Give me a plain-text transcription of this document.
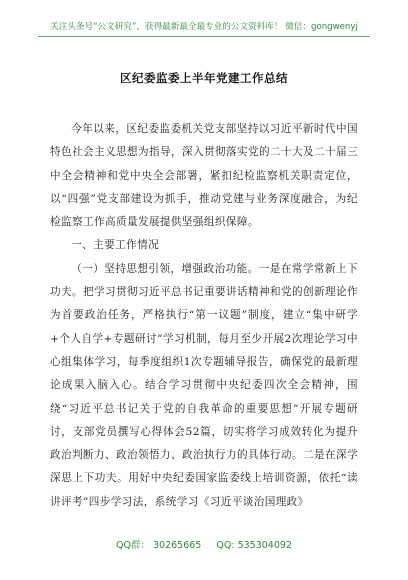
关注头条号“公文研究”，获得最新最全最专业的公文资料库！ 微信：gongwenyj
区纪委监委上半年党建工作总结

今年以来，区纪委监委机关党支部坚持以习近平新时代中国特色社会主义思想为指导，深入贯彻落实党的二十大及二十届三中全会精神和党中央全会部署，紧扣纪检监察机关职责定位，以“四强”党支部建设为抓手，推动党建与业务深度融合，为纪检监察工作高质量发展提供坚强组织保障。

一、主要工作情况

（一）坚持思想引领，增强政治功能。一是在常学常新上下功夫。把学习贯彻习近平总书记重要讲话精神和党的创新理论作为首要政治任务，严格执行“第一议题”制度，建立“集中研学+个人自学+专题研讨”学习机制，每月至少开展2次理论学习中心组集体学习，每季度组织1次专题辅导报告，确保党的最新理论成果入脑入心。结合学习贯彻中央纪委四次全会精神，围绕“习近平总书记关于党的自我革命的重要思想”开展专题研讨，支部党员撰写心得体会52篇，切实将学习成效转化为提升政治判断力、政治领悟力、政治执行力的具体行动。二是在深学深思上下功夫。用好中央纪委国家监委线上培训资源，依托“读讲评考”四步学习法，系统学习《习近平谈治国理政》

QQ群： 30265665 QQ: 535304092
